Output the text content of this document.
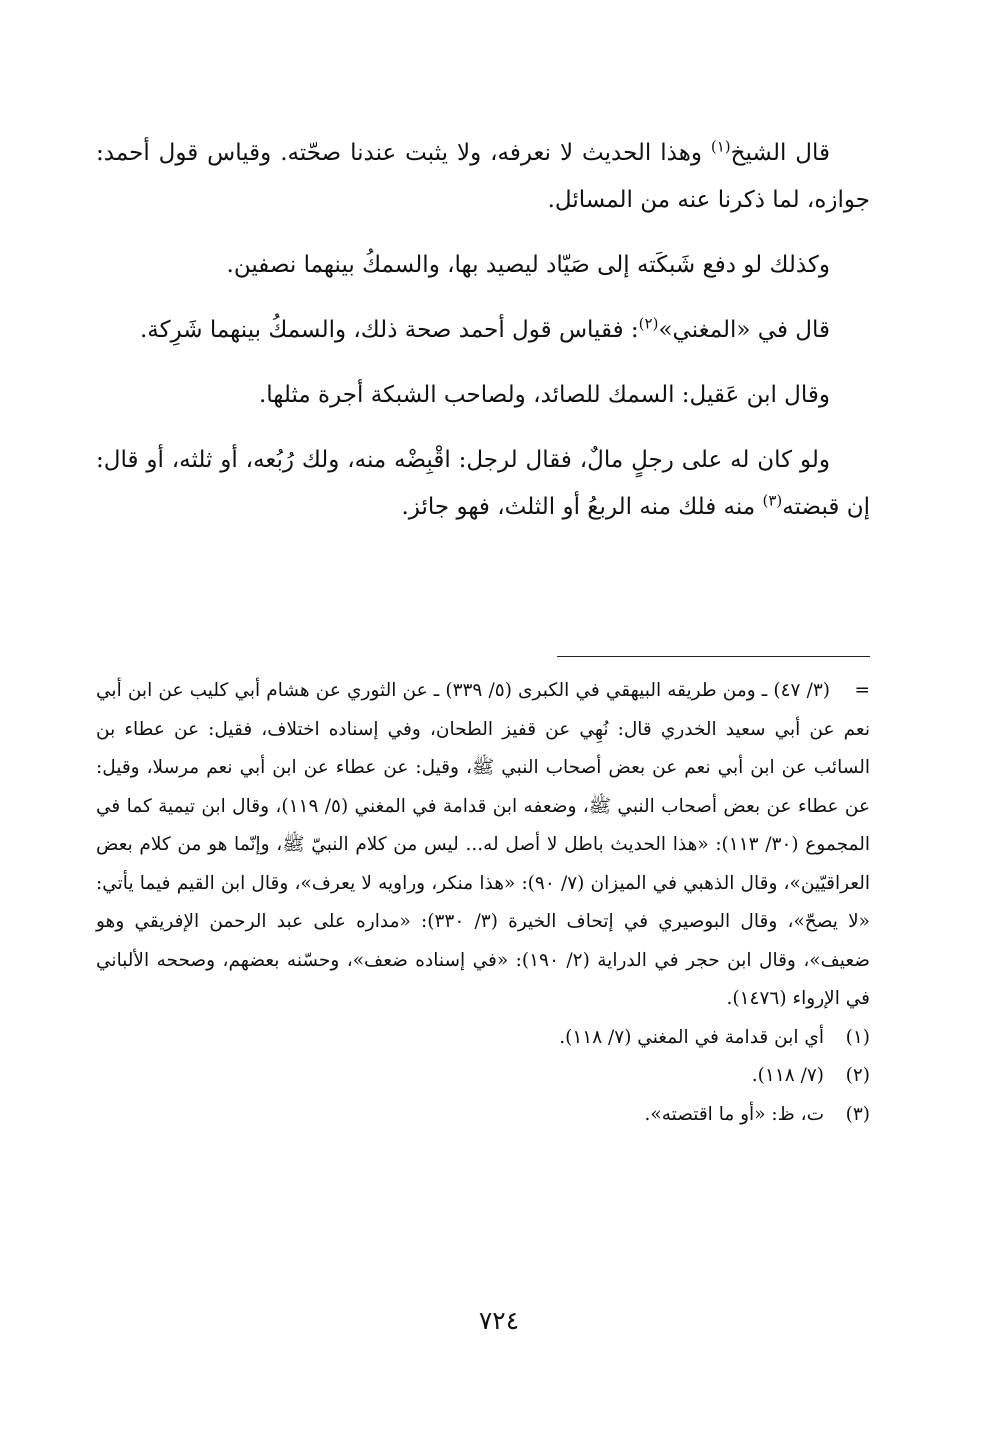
قال الشيخ$^{(١)}$ وهذا الحديث لا نعرفه، ولا يثبت عندنا صحّته. وقياس قول أحمد: جوازه، لما ذكرنا عنه من المسائل.

وكذلك لو دفع شَبكَته إلى صَيّاد ليصيد بها، والسمكُ بينهما نصفين.

قال في «المغني»$^{(٢)}$: فقياس قول أحمد صحة ذلك، والسمكُ بينهما شَرِكة.

وقال ابن عَقيل: السمك للصائد، ولصاحب الشبكة أجرة مثلها.

ولو كان له على رجلٍ مالٌ، فقال لرجل: اقْبِضْه منه، ولك رُبُعه، أو ثلثه، أو قال: إن قبضته$^{(٣)}$ منه فلك منه الربعُ أو الثلث، فهو جائز.

=(٣/ ٤٧) ـ ومن طريقه البيهقي في الكبرى (٥/ ٣٣٩) ـ عن الثوري عن هشام أبي كليب عن ابن أبي نعم عن أبي سعيد الخدري قال: نُهِي عن قفيز الطحان، وفي إسناده اختلاف، فقيل: عن عطاء بن السائب عن ابن أبي نعم عن بعض أصحاب النبي ﷺ، وقيل: عن عطاء عن ابن أبي نعم مرسلا، وقيل: عن عطاء عن بعض أصحاب النبي ﷺ، وضعفه ابن قدامة في المغني (٥/ ١١٩)، وقال ابن تيمية كما في المجموع (٣٠/ ١١٣): «هذا الحديث باطل لا أصل له... ليس من كلام النبيّ ﷺ، وإنّما هو من كلام بعض العراقيّين»، وقال الذهبي في الميزان (٧/ ٩٠): «هذا منكر، وراويه لا يعرف»، وقال ابن القيم فيما يأتي: «لا يصحّ»، وقال البوصيري في إتحاف الخيرة (٣/ ٣٣٠): «مداره على عبد الرحمن الإفريقي وهو ضعيف»، وقال ابن حجر في الدراية (٢/ ١٩٠): «في إسناده ضعف»، وحسّنه بعضهم، وصححه الألباني في الإرواء (١٤٧٦).

(١)أي ابن قدامة في المغني (٧/ ١١٨).

(٢)(٧/ ١١٨).

(٣)ت، ظ: «أو ما اقتصته».

٧٢٤
